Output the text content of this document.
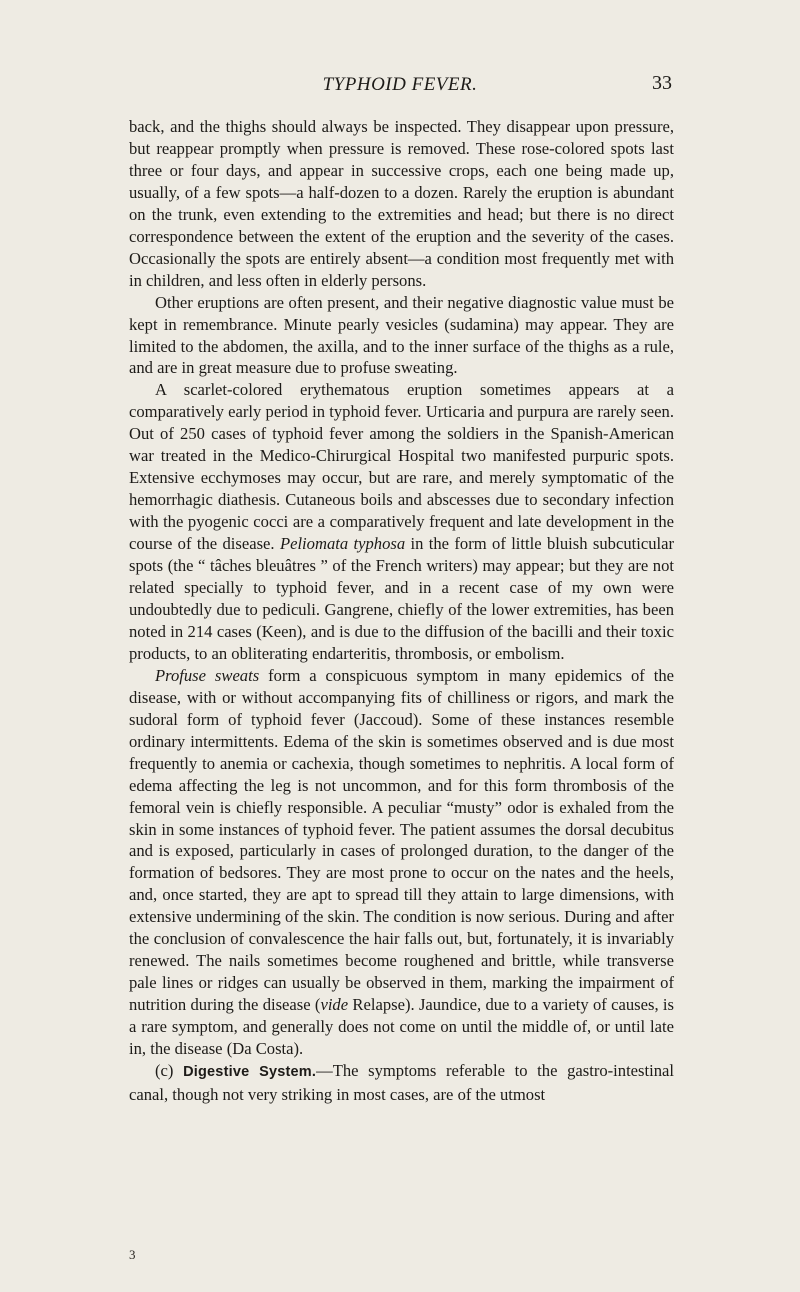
TYPHOID FEVER.	33

back, and the thighs should always be inspected. They disappear upon pressure, but reappear promptly when pressure is removed. These rose-colored spots last three or four days, and appear in successive crops, each one being made up, usually, of a few spots—a half-dozen to a dozen. Rarely the eruption is abundant on the trunk, even extending to the extremities and head; but there is no direct correspondence between the extent of the eruption and the severity of the cases. Occasionally the spots are entirely absent—a condition most frequently met with in children, and less often in elderly persons.

Other eruptions are often present, and their negative diagnostic value must be kept in remembrance. Minute pearly vesicles (sudamina) may appear. They are limited to the abdomen, the axilla, and to the inner surface of the thighs as a rule, and are in great measure due to profuse sweating.

A scarlet-colored erythematous eruption sometimes appears at a comparatively early period in typhoid fever. Urticaria and purpura are rarely seen. Out of 250 cases of typhoid fever among the soldiers in the Spanish-American war treated in the Medico-Chirurgical Hospital two manifested purpuric spots. Extensive ecchymoses may occur, but are rare, and merely symptomatic of the hemorrhagic diathesis. Cutaneous boils and abscesses due to secondary infection with the pyogenic cocci are a comparatively frequent and late development in the course of the disease. Peliomata typhosa in the form of little bluish subcuticular spots (the “ tâches bleuâtres ” of the French writers) may appear; but they are not related specially to typhoid fever, and in a recent case of my own were undoubtedly due to pediculi. Gangrene, chiefly of the lower extremities, has been noted in 214 cases (Keen), and is due to the diffusion of the bacilli and their toxic products, to an obliterating endarteritis, thrombosis, or embolism.

Profuse sweats form a conspicuous symptom in many epidemics of the disease, with or without accompanying fits of chilliness or rigors, and mark the sudoral form of typhoid fever (Jaccoud). Some of these instances resemble ordinary intermittents. Edema of the skin is sometimes observed and is due most frequently to anemia or cachexia, though sometimes to nephritis. A local form of edema affecting the leg is not uncommon, and for this form thrombosis of the femoral vein is chiefly responsible. A peculiar “musty” odor is exhaled from the skin in some instances of typhoid fever. The patient assumes the dorsal decubitus and is exposed, particularly in cases of prolonged duration, to the danger of the formation of bedsores. They are most prone to occur on the nates and the heels, and, once started, they are apt to spread till they attain to large dimensions, with extensive undermining of the skin. The condition is now serious. During and after the conclusion of convalescence the hair falls out, but, fortunately, it is invariably renewed. The nails sometimes become roughened and brittle, while transverse pale lines or ridges can usually be observed in them, marking the impairment of nutrition during the disease (vide Relapse). Jaundice, due to a variety of causes, is a rare symptom, and generally does not come on until the middle of, or until late in, the disease (Da Costa).

(c) Digestive System.—The symptoms referable to the gastro-intestinal canal, though not very striking in most cases, are of the utmost

3
